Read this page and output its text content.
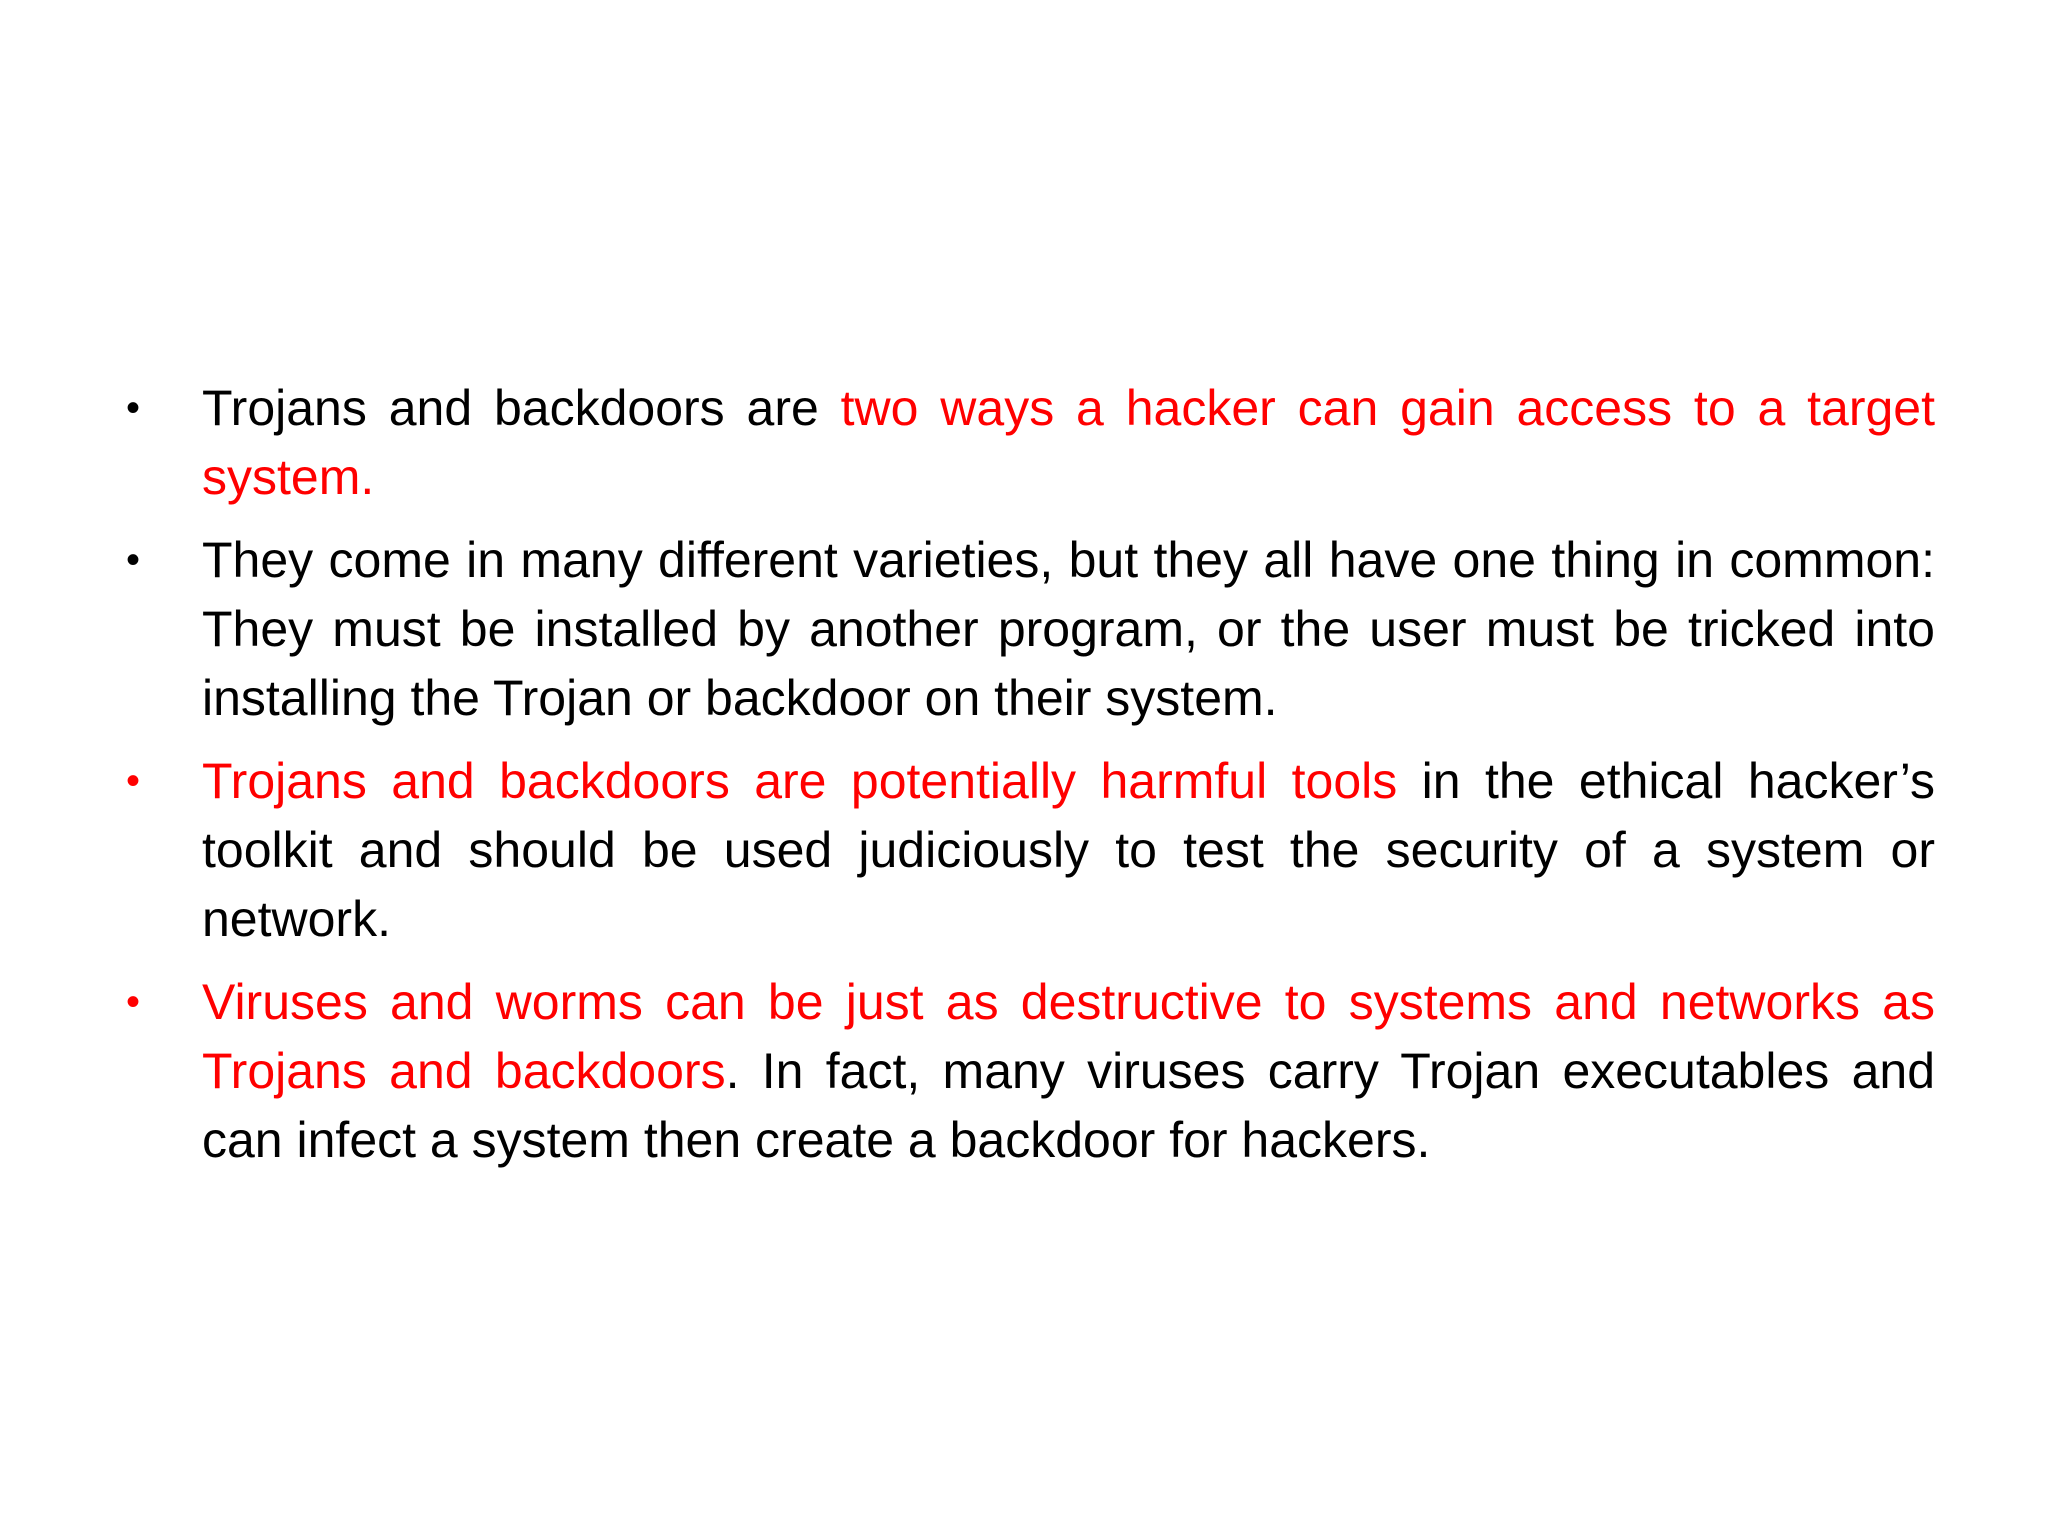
• Trojans and backdoors are two ways a hacker can gain access to a target system.
• They come in many different varieties, but they all have one thing in common: They must be installed by another program, or the user must be tricked into installing the Trojan or backdoor on their system.
• Trojans and backdoors are potentially harmful tools in the ethical hacker’s toolkit and should be used judiciously to test the security of a system or network.
• Viruses and worms can be just as destructive to systems and networks as Trojans and backdoors. In fact, many viruses carry Trojan executables and can infect a system then create a backdoor for hackers.
